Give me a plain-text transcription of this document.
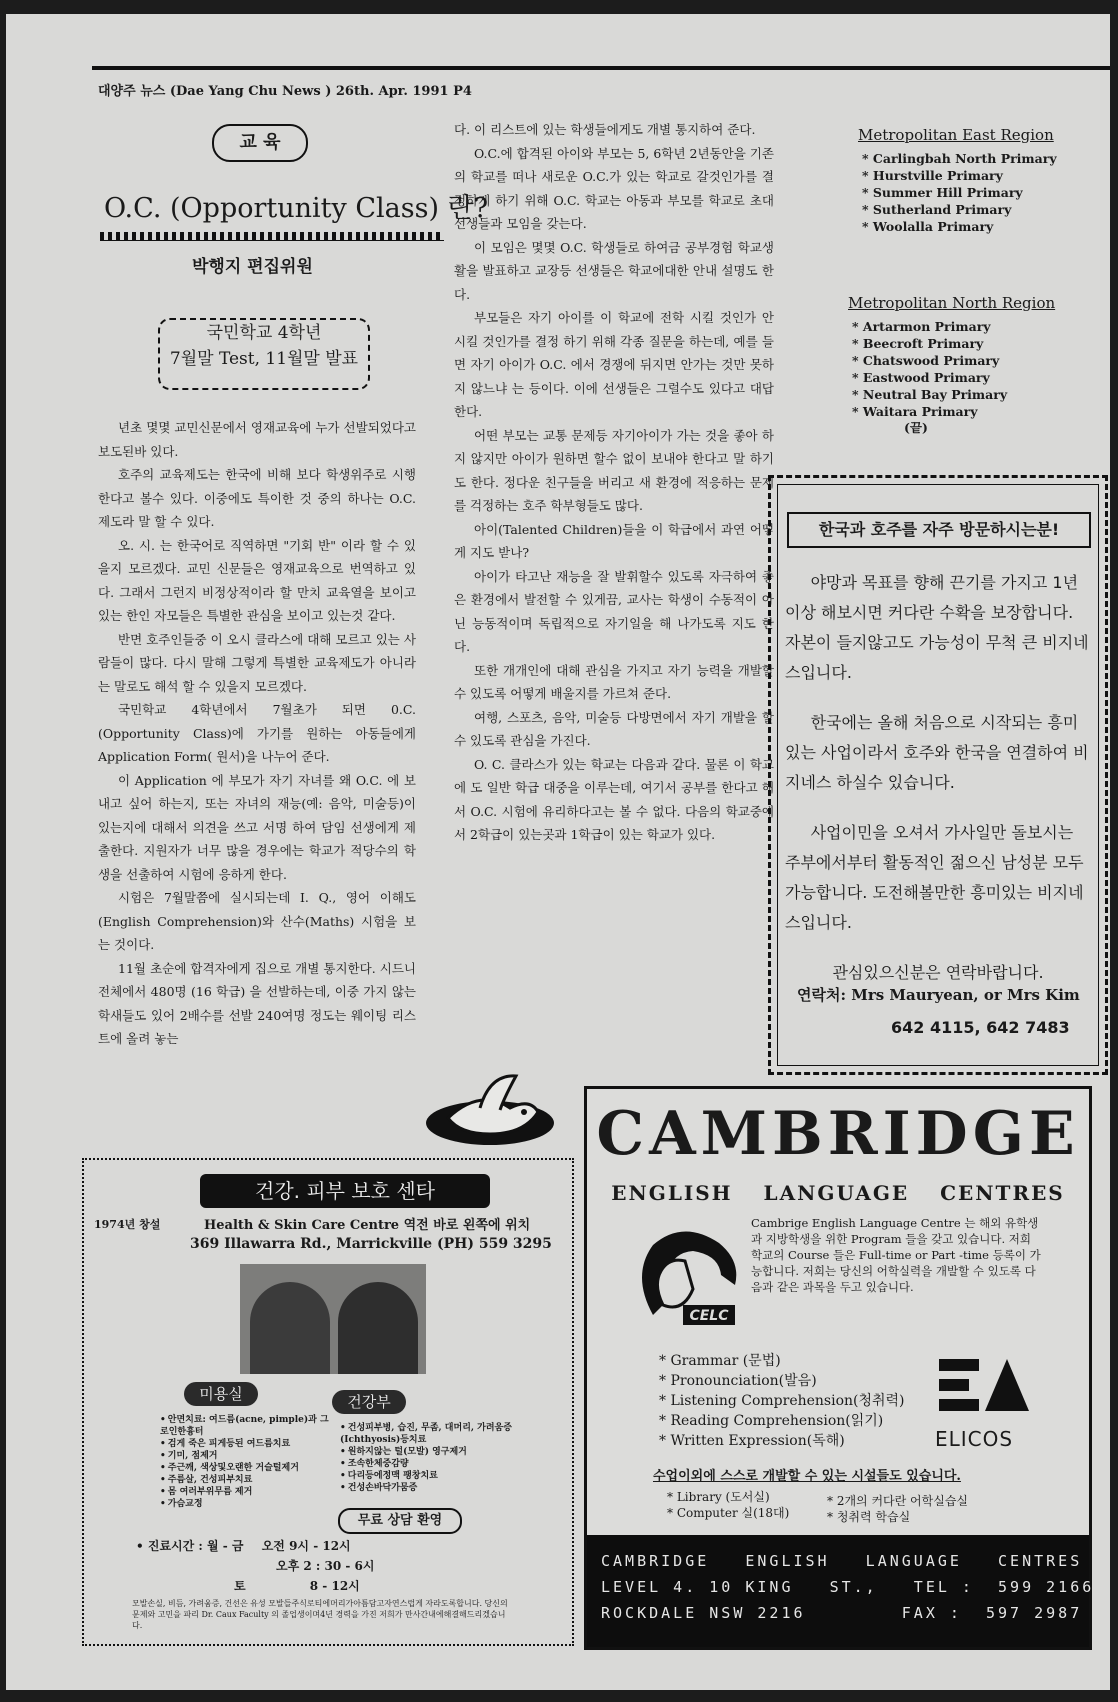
대양주 뉴스 (Dae Yang Chu News ) 26th. Apr. 1991 P4
교 육
O.C. (Opportunity Class) 란?
박행지 편집위원
국민학교 4학년
7월말 Test, 11월말 발표

년초 몇몇 교민신문에서 영재교육에 누가 선발되었다고 보도된바 있다.

호주의 교육제도는 한국에 비해 보다 학생위주로 시행한다고 볼수 있다. 이중에도 특이한 것 중의 하나는 O.C. 제도라 말 할 수 있다.

오. 시. 는 한국어로 직역하면 "기회 반" 이라 할 수 있을지 모르겠다. 교민 신문들은 영재교육으로 번역하고 있다. 그래서 그런지 비정상적이라 할 만치 교육열을 보이고 있는 한인 자모들은 특별한 관심을 보이고 있는것 같다.

반면 호주인들중 이 오시 클라스에 대해 모르고 있는 사람들이 많다. 다시 말해 그렇게 특별한 교육제도가 아니라는 말로도 해석 할 수 있을지 모르겠다.

국민학교 4학년에서 7월초가 되면 0.C. (Opportunity Class)에 가기를 원하는 아동들에게 Application Form( 원서)을 나누어 준다.

이 Application 에 부모가 자기 자녀를 왜 O.C. 에 보내고 싶어 하는지, 또는 자녀의 재능(예: 음악, 미술등)이 있는지에 대해서 의견을 쓰고 서명 하여 담임 선생에게 제출한다. 지원자가 너무 많을 경우에는 학교가 적당수의 학생을 선출하여 시험에 응하게 한다.

시험은 7월말쯤에 실시되는데 I. Q., 영어 이해도 (English Comprehension)와 산수(Maths) 시험을 보는 것이다.

11월 초순에 합격자에게 집으로 개별 통지한다. 시드니 전체에서 480명 (16 학급) 을 선발하는데, 이중 가지 않는 학새들도 있어 2배수를 선발 240여명 정도는 웨이팅 리스트에 올려 놓는

다. 이 리스트에 있는 학생들에게도 개별 통지하여 준다.

O.C.에 합격된 아이와 부모는 5, 6학년 2년동안을 기존의 학교를 떠나 새로운 O.C.가 있는 학교로 갈것인가를 결정하게 하기 위해 O.C. 학교는 아동과 부모를 학교로 초대 선생들과 모임을 갖는다.

이 모임은 몇몇 O.C. 학생들로 하여금 공부경험 학교생활을 발표하고 교장등 선생들은 학교에대한 안내 설명도 한다.

부모들은 자기 아이를 이 학교에 전학 시킬 것인가 안 시킬 것인가를 결정 하기 위해 각종 질문을 하는데, 예를 들면 자기 아이가 O.C. 에서 경쟁에 뒤지면 안가는 것만 못하지 않느냐 는 등이다. 이에 선생들은 그럴수도 있다고 대답한다.

어떤 부모는 교통 문제등 자기아이가 가는 것을 좋아 하지 않지만 아이가 원하면 할수 없이 보내야 한다고 말 하기도 한다. 정다운 친구들을 버리고 새 환경에 적응하는 문제를 걱정하는 호주 학부형들도 많다.

아이(Talented Children)들을 이 학급에서 과연 어떻게 지도 받나?

아이가 타고난 재능을 잘 발휘할수 있도록 자극하여 좋은 환경에서 발전할 수 있게끔, 교사는 학생이 수동적이 아닌 능동적이며 독립적으로 자기일을 해 나가도록 지도 한다.

또한 개개인에 대해 관심을 가지고 자기 능력을 개발할수 있도록 어떻게 배울지를 가르쳐 준다.

여행, 스포츠, 음악, 미술등 다방면에서 자기 개발을 할수 있도록 관심을 가진다.

O. C. 클라스가 있는 학교는 다음과 같다. 물론 이 학교에 도 일반 학급 대중을 이루는데, 여기서 공부를 한다고 해서 O.C. 시험에 유리하다고는 볼 수 없다. 다음의 학교중에서 2학급이 있는곳과 1학급이 있는 학교가 있다.

Metropolitan East Region
* Carlingbah North Primary
* Hurstville Primary
* Summer Hill Primary
* Sutherland Primary
* Woolalla Primary
Metropolitan North Region
* Artarmon Primary
* Beecroft Primary
* Chatswood Primary
* Eastwood Primary
* Neutral Bay Primary
* Waitara Primary
(끝)
한국과 호주를 자주 방문하시는분!

야망과 목표를 향해 끈기를 가지고 1년이상 해보시면 커다란 수확을 보장합니다. 자본이 들지않고도 가능성이 무척 큰 비지네스입니다.

한국에는 올해 처음으로 시작되는 흥미있는 사업이라서 호주와 한국을 연결하여 비지네스 하실수 있습니다.

사업이민을 오셔서 가사일만 돌보시는 주부에서부터 활동적인 젊으신 남성분 모두 가능합니다. 도전해볼만한 흥미있는 비지네스입니다.

관심있으신분은 연락바랍니다.

연락처: Mrs Mauryean, or Mrs Kim
642 4115, 642 7483
건강. 피부 보호 센타
1974년 창설	Health & Skin Care Centre 역전 바로 왼쪽에 위치
369 Illawarra Rd., Marrickville (PH) 559 3295
미용실	건강부
• 안면치료: 여드름(acne, pimple)과 그로인한흉터
• 검게 죽은 피게등된 여드름치료
• 기미, 점제거
• 주근깨, 색상및오랜한 거슬털제거
• 주름살, 건성피부치료
• 몸 여러부위무름 제거
• 가슴교정
• 건성피부병, 습진, 무좀, 대머리, 가려움증(Ichthyosis)등치료
• 원하지않는 털(모발) 영구제거
• 조속한체중감량
• 다리등에정맥 팽창치료
• 건성손바닥가뭄증
무료 상담 환영
• 진료시간 : 월 - 금 오전 9시 - 12시
오후 2 : 30 - 6시
토	8 - 12시
모발손실, 비듬, 가려움증, 건선은 유성 모발들주식로티에머리가아틈담고자연스럽게 자라도록합니다. 당신의문제와 고민을 파리 Dr. Caux Faculty 의 졸업생이며4년 경력을 가진 저희가 만사간내에해결해드리겠습니다.
CAMBRIDGE
ENGLISH LANGUAGE CENTRES
CELC
Cambrige English Language Centre 는 해외 유학생과 지방학생을 위한 Program 들을 갖고 있습니다. 저희 학교의 Course 들은 Full-time or Part -time 등록이 가능합니다. 저희는 당신의 어학실력을 개발할 수 있도록 다음과 같은 과목을 두고 있습니다.
* Grammar (문법)
* Pronounciation(발음)
* Listening Comprehension(청취력)
* Reading Comprehension(읽기)
* Written Expression(독해)	ELICOS
수업이외에 스스로 개발할 수 있는 시설들도 있습니다.
* Library (도서실)
* Computer 실(18대)
* 2개의 커다란 어학실습실
* 청취력 학습실
CAMBRIDGE   ENGLISH   LANGUAGE   CENTRES
LEVEL 4. 10 KING   ST.,   TEL :  599 2166
ROCKDALE NSW 2216        FAX :  597 2987
